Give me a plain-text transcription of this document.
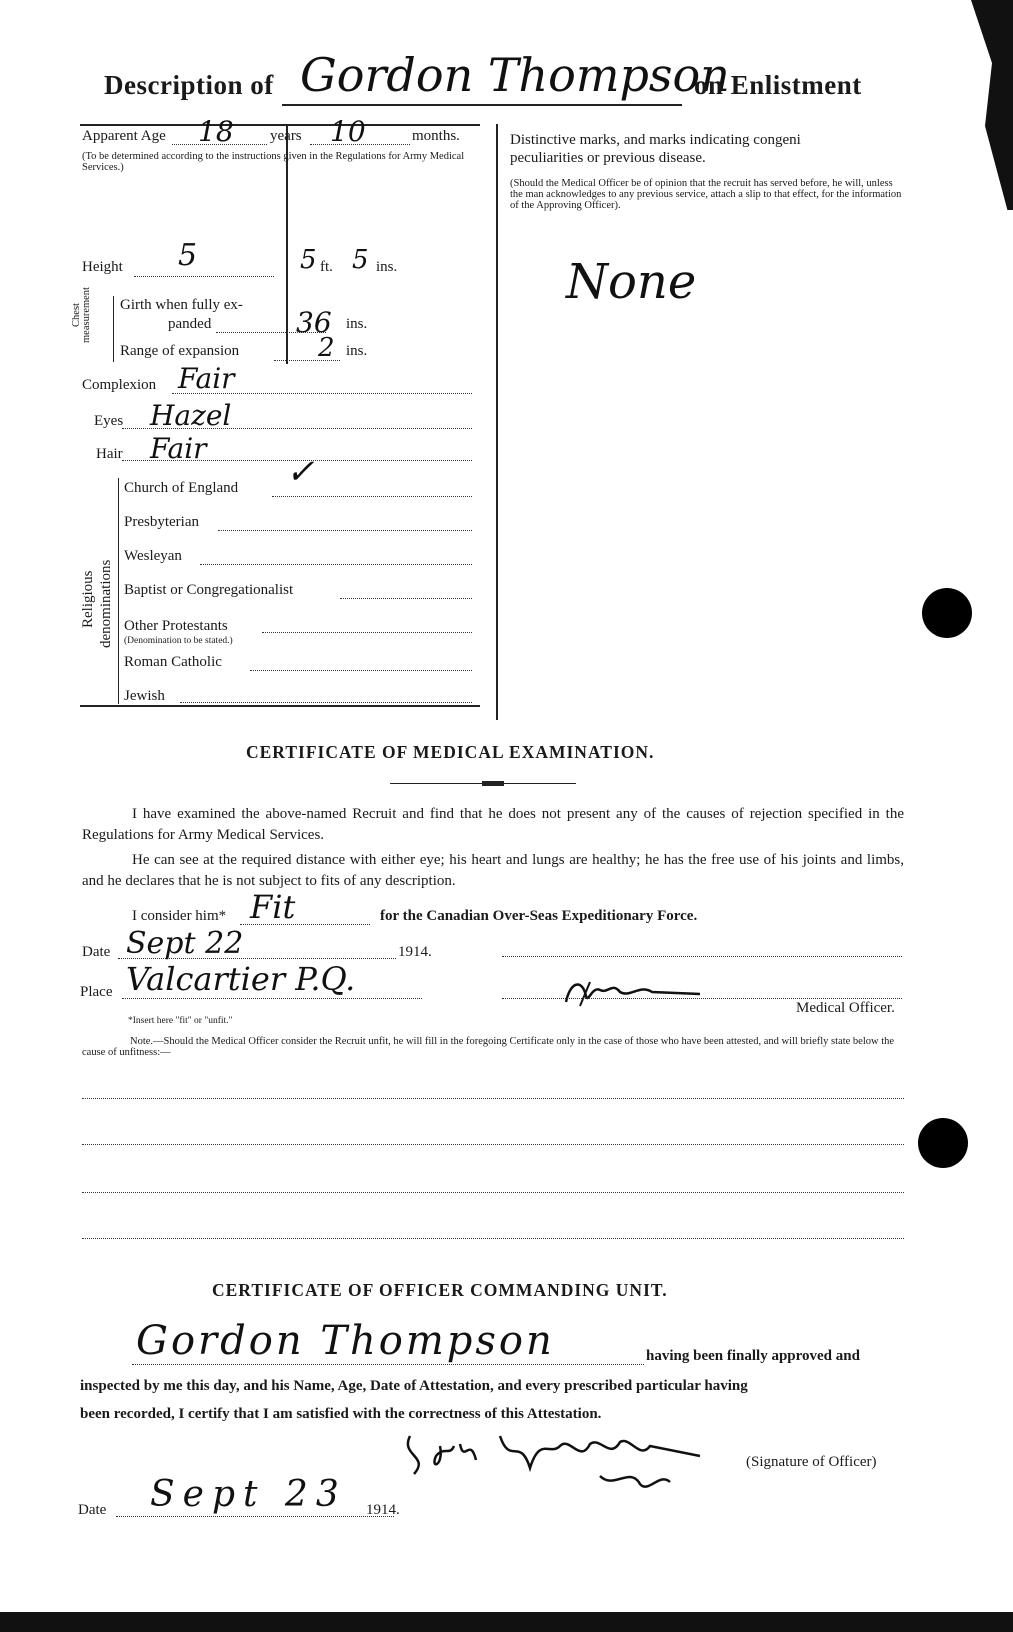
Description of Gordon Thompson
on Enlistment
Apparent Age 18 years 10	months.
(To be determined according to the instructions given in the Regulations for Army Medical Services.)
Height 5	5 ft. 5 ins.
Chest measurement Girth when fully ex-
panded	36 ins.
Range of expansion	2 ins.
Complexion Fair
Eyes Hazel
Hair Fair
Religious denominations
Church of England ✓
Presbyterian
Wesleyan
Baptist or Congregationalist
Other Protestants
(Denomination to be stated.)
Roman Catholic
Jewish
Distinctive marks, and marks indicating congeni
peculiarities or previous disease.
(Should the Medical Officer be of opinion that the recruit has served before, he will, unless the man acknowledges to any previous service, attach a slip to that effect, for the information of the Approving Officer).
None
CERTIFICATE OF MEDICAL EXAMINATION.
I have examined the above-named Recruit and find that he does not present any of the causes of rejection specified in the Regulations for Army Medical Services.
He can see at the required distance with either eye; his heart and lungs are healthy; he has the free use of his joints and limbs, and he declares that he is not subject to fits of any description.
I consider him* Fit	for the Canadian Over-Seas Expeditionary Force.
Date Sept 22	1914.
Place Valcartier P.Q.
Medical Officer.
*Insert here "fit" or "unfit."
Note.—Should the Medical Officer consider the Recruit unfit, he will fill in the foregoing Certificate only in the case of those who have been attested, and will briefly state below the cause of unfitness:—
CERTIFICATE OF OFFICER COMMANDING UNIT.
Gordon Thompson	having been finally approved and
inspected by me this day, and his Name, Age, Date of Attestation, and every prescribed particular having
been recorded, I certify that I am satisfied with the correctness of this Attestation.
(Signature of Officer)
Date Sept 23 1914.
